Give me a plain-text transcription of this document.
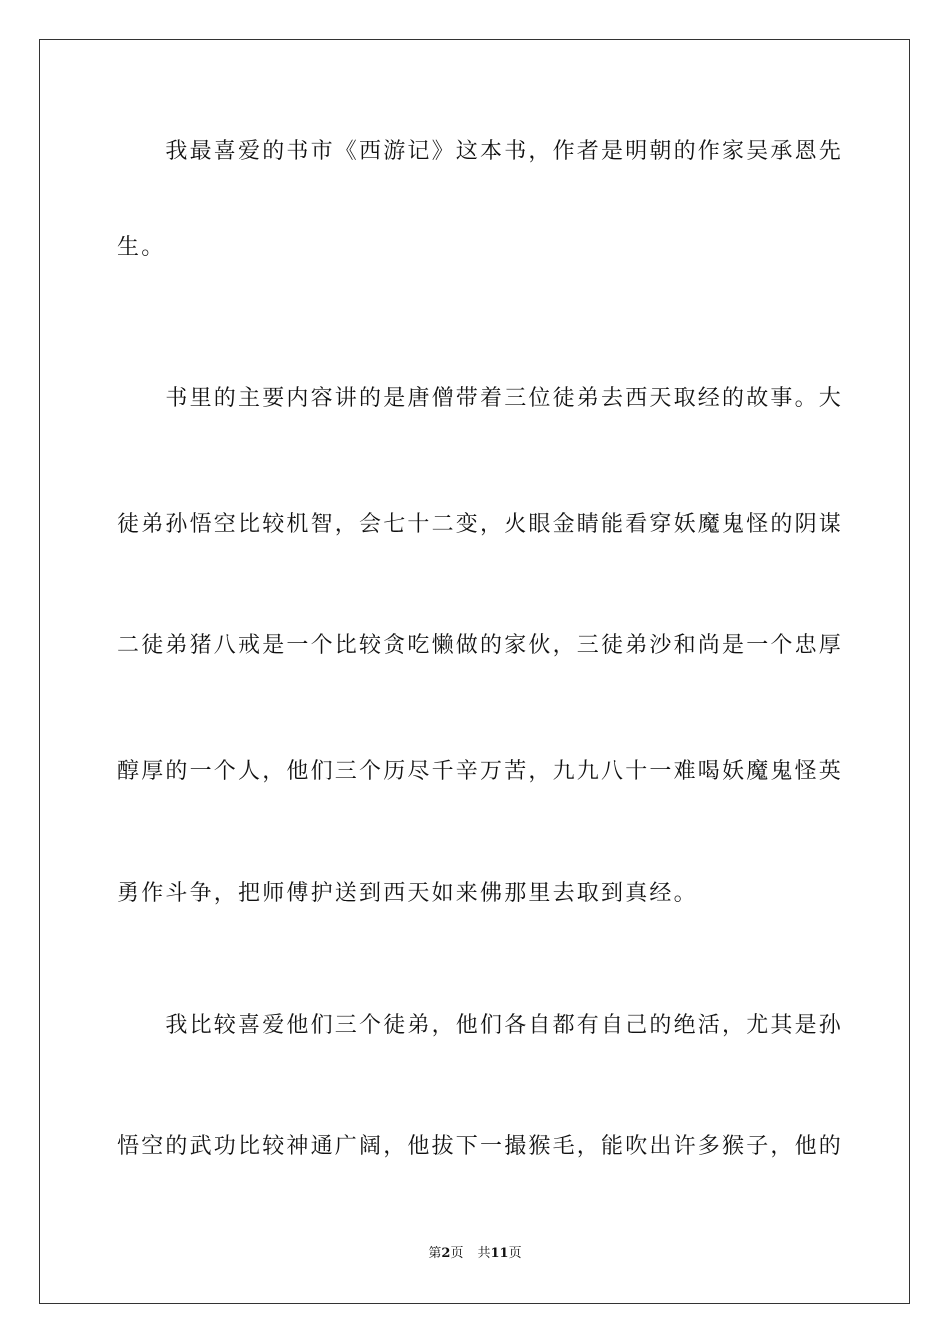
　　我最喜爱的书市《西游记》这本书，作者是明朝的作家吴承恩先
生。
　　书里的主要内容讲的是唐僧带着三位徒弟去西天取经的故事。大
徒弟孙悟空比较机智，会七十二变，火眼金睛能看穿妖魔鬼怪的阴谋
二徒弟猪八戒是一个比较贪吃懒做的家伙，三徒弟沙和尚是一个忠厚
醇厚的一个人，他们三个历尽千辛万苦，九九八十一难喝妖魔鬼怪英
勇作斗争，把师傅护送到西天如来佛那里去取到真经。
　　我比较喜爱他们三个徒弟，他们各自都有自己的绝活，尤其是孙
悟空的武功比较神通广阔，他拔下一撮猴毛，能吹出许多猴子，他的
第2页 共11页
